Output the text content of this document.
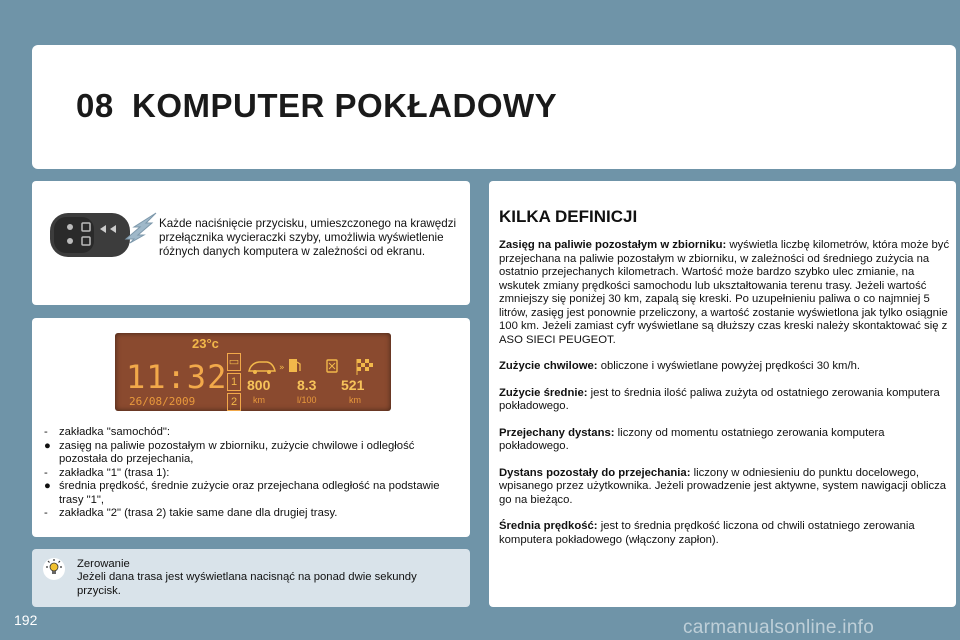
08 KOMPUTER POKŁADOWY
Każde naciśnięcie przycisku, umieszczonego na krawędzi przełącznika wycieraczki szyby, umożliwia wyświetlenie różnych danych komputera w zależności od ekranu.
23°c
11:32
26/08/2009
▭
1
2
»
800
km
8.3
l/100
521
km
- zakładka "samochód":
● zasięg na paliwie pozostałym w zbiorniku, zużycie chwilowe i odległość pozostała do przejechania,
- zakładka "1" (trasa 1):
● średnia prędkość, średnie zużycie oraz przejechana odległość na podstawie trasy "1",
- zakładka "2" (trasa 2) takie same dane dla drugiej trasy.
Zerowanie
Jeżeli dana trasa jest wyświetlana nacisnąć na ponad dwie sekundy przycisk.
KILKA DEFINICJI

Zasięg na paliwie pozostałym w zbiorniku: wyświetla liczbę kilometrów, która może być przejechana na paliwie pozostałym w zbiorniku, w zależności od średniego zużycia na ostatnio przejechanych kilometrach. Wartość może bardzo szybko ulec zmianie, na wskutek zmiany prędkości samochodu lub ukształtowania terenu trasy. Jeżeli wartość zmniejszy się poniżej 30 km, zapalą się kreski. Po uzupełnieniu paliwa o co najmniej 5 litrów, zasięg jest ponownie przeliczony, a wartość zostanie wyświetlona jak tylko osiągnie 100 km. Jeżeli zamiast cyfr wyświetlane są dłuższy czas kreski należy skontaktować się z ASO SIECI PEUGEOT.

Zużycie chwilowe: obliczone i wyświetlane powyżej prędkości 30 km/h.

Zużycie średnie: jest to średnia ilość paliwa zużyta od ostatniego zerowania komputera pokładowego.

Przejechany dystans: liczony od momentu ostatniego zerowania komputera pokładowego.

Dystans pozostały do przejechania: liczony w odniesieniu do punktu docelowego, wpisanego przez użytkownika. Jeżeli prowadzenie jest aktywne, system nawigacji oblicza go na bieżąco.

Średnia prędkość: jest to średnia prędkość liczona od chwili ostatniego zerowania komputera pokładowego (włączony zapłon).

192	carmanualsonline.info
